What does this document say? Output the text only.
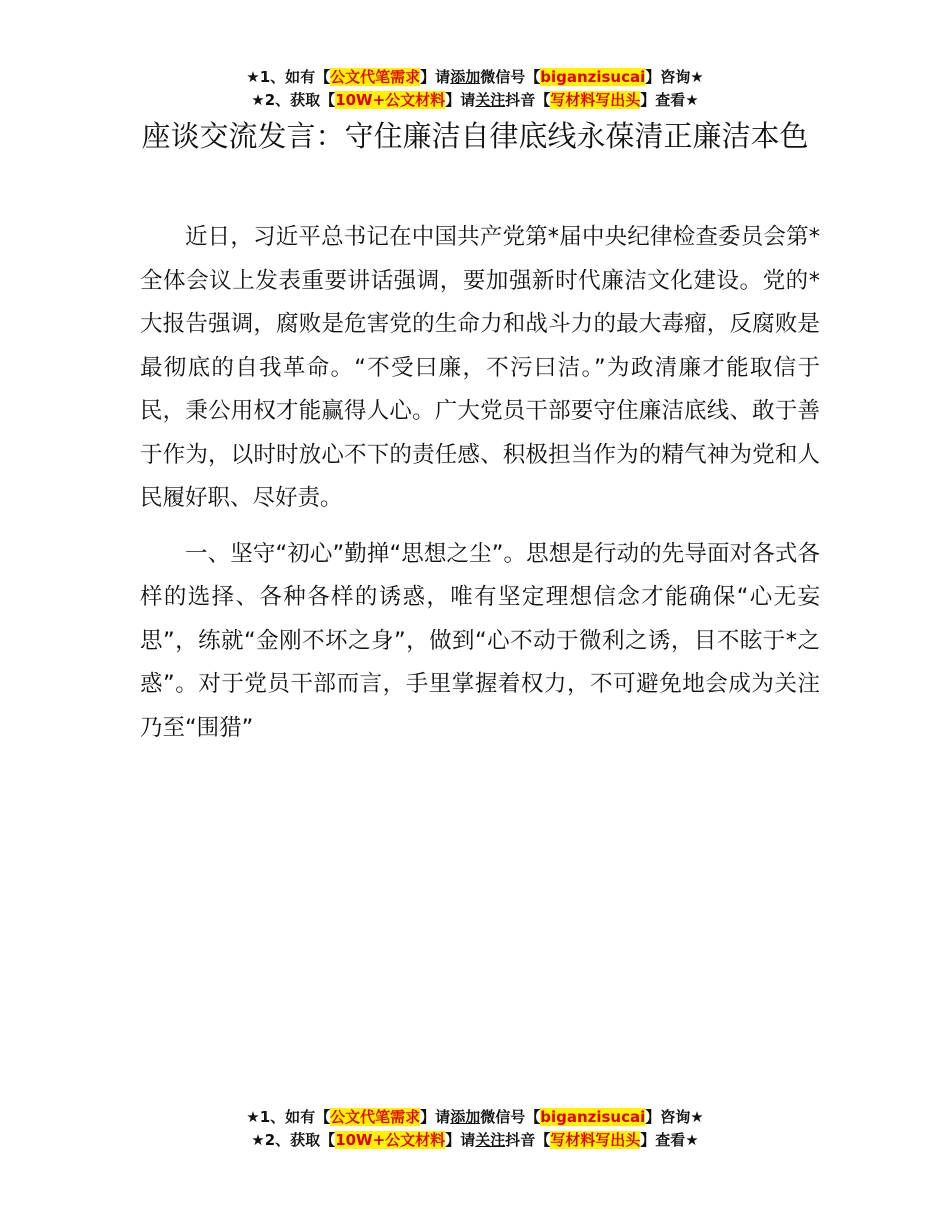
★1、如有【公文代笔需求】请添加微信号【biganzisucai】咨询★
★2、获取【10W+公文材料】请关注抖音【写材料写出头】查看★
座谈交流发言：守住廉洁自律底线永葆清正廉洁本色

近日，习近平总书记在中国共产党第*届中央纪律检查委员会第*全体会议上发表重要讲话强调，要加强新时代廉洁文化建设。党的*大报告强调，腐败是危害党的生命力和战斗力的最大毒瘤，反腐败是最彻底的自我革命。“不受曰廉，不污曰洁。”为政清廉才能取信于民，秉公用权才能赢得人心。广大党员干部要守住廉洁底线、敢于善于作为，以时时放心不下的责任感、积极担当作为的精气神为党和人民履好职、尽好责。

一、坚守“初心”勤掸“思想之尘”。思想是行动的先导面对各式各样的选择、各种各样的诱惑，唯有坚定理想信念才能确保“心无妄思”，练就“金刚不坏之身”，做到“心不动于微利之诱，目不眩于*之惑”。对于党员干部而言，手里掌握着权力，不可避免地会成为关注乃至“围猎”

★1、如有【公文代笔需求】请添加微信号【biganzisucai】咨询★
★2、获取【10W+公文材料】请关注抖音【写材料写出头】查看★
